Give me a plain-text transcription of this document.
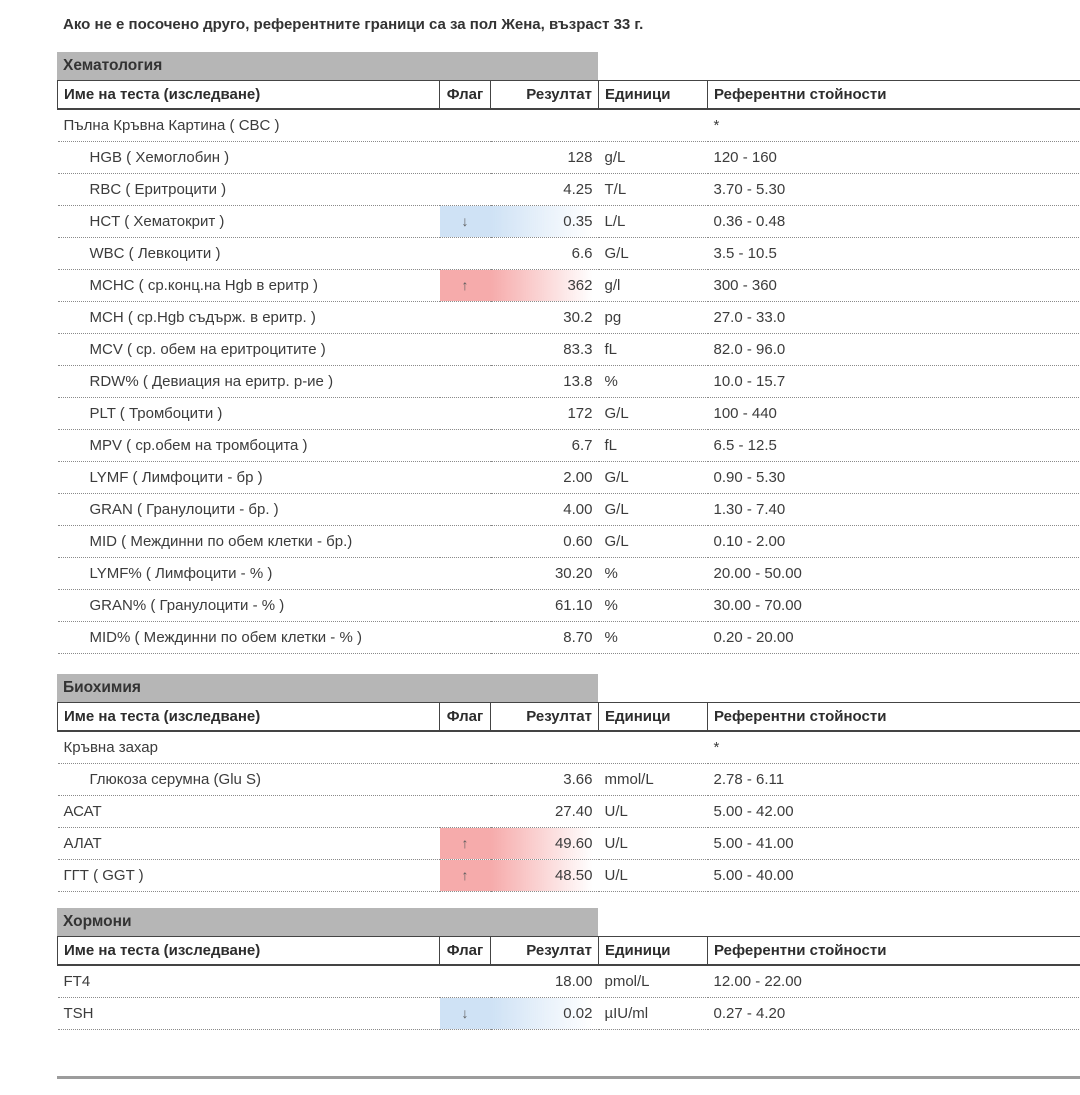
Ако не е посочено друго, референтните граници са за пол Жена, възраст 33 г.
Хематология
Име на теста (изследване)	Флаг	Резултат	Единици	Референтни стойности
Пълна Кръвна Картина ( CBC )				*
HGB ( Хемоглобин )		128	g/L	120 - 160
RBC ( Еритроцити )		4.25	T/L	3.70 - 5.30
HCT ( Хематокрит )	↓	0.35	L/L	0.36 - 0.48
WBC ( Левкоцити )		6.6	G/L	3.5 - 10.5
MCHC ( ср.конц.на Hgb в еритр )	↑	362	g/l	300 - 360
MCH ( ср.Hgb съдърж. в еритр. )		30.2	pg	27.0 - 33.0
MCV ( ср. обем на еритроцитите )		83.3	fL	82.0 - 96.0
RDW% ( Девиация на еритр. р-ие )		13.8	%	10.0 - 15.7
PLT ( Тромбоцити )		172	G/L	100 - 440
MPV ( ср.обем на тромбоцита )		6.7	fL	6.5 - 12.5
LYMF ( Лимфоцити - бр )		2.00	G/L	0.90 - 5.30
GRAN ( Гранулоцити - бр. )		4.00	G/L	1.30 - 7.40
MID ( Междинни по обем клетки - бр.)		0.60	G/L	0.10 - 2.00
LYMF% ( Лимфоцити - % )		30.20	%	20.00 - 50.00
GRAN% ( Гранулоцити - % )		61.10	%	30.00 - 70.00
MID% ( Междинни по обем клетки - % )		8.70	%	0.20 - 20.00
Биохимия
Име на теста (изследване)	Флаг	Резултат	Единици	Референтни стойности
Кръвна захар				*
Глюкоза серумна (Glu S)		3.66	mmol/L	2.78 - 6.11
АСАТ		27.40	U/L	5.00 - 42.00
АЛАТ	↑	49.60	U/L	5.00 - 41.00
ГГТ ( GGT )	↑	48.50	U/L	5.00 - 40.00
Хормони
Име на теста (изследване)	Флаг	Резултат	Единици	Референтни стойности
FT4		18.00	pmol/L	12.00 - 22.00
TSH	↓	0.02	µIU/ml	0.27 - 4.20
